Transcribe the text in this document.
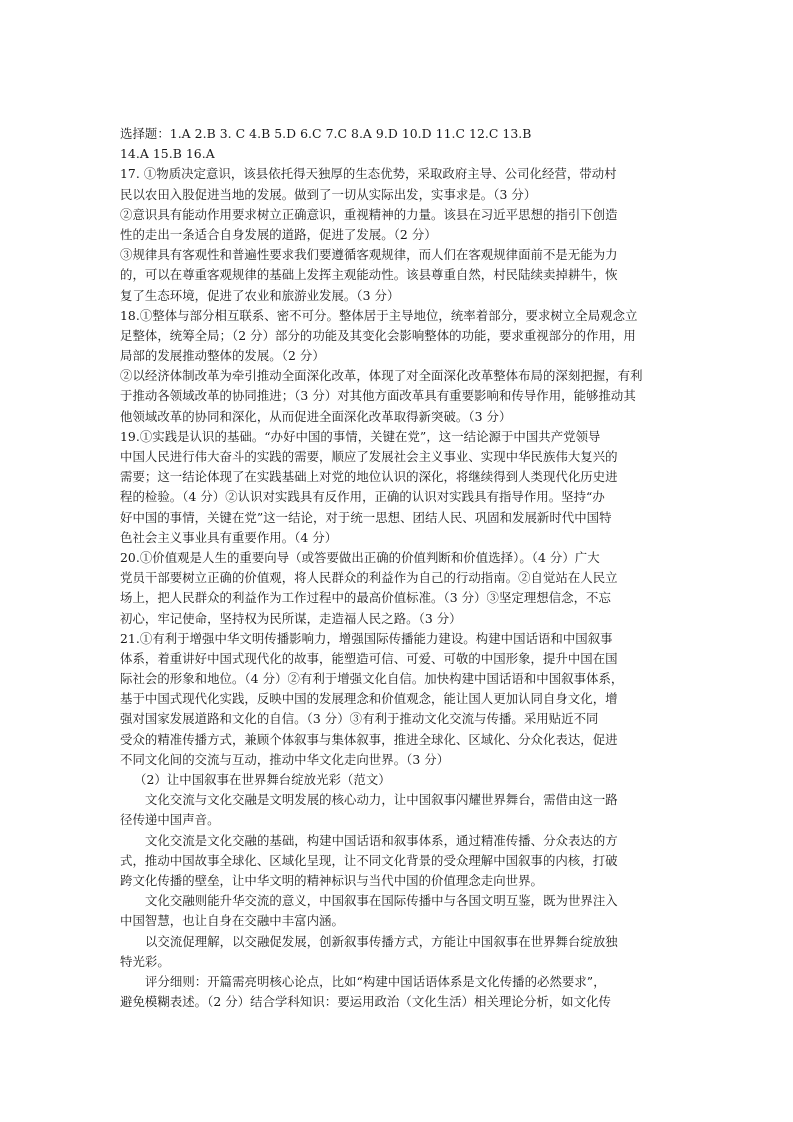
选择题：1.A 2.B 3. C 4.B 5.D 6.C 7.C 8.A 9.D 10.D 11.C 12.C 13.B
14.A 15.B 16.A
17. ①物质决定意识，该县依托得天独厚的生态优势，采取政府主导、公司化经营，带动村
民以农田入股促进当地的发展。做到了一切从实际出发，实事求是。（3 分）
②意识具有能动作用要求树立正确意识，重视精神的力量。该县在习近平思想的指引下创造
性的走出一条适合自身发展的道路，促进了发展。（2 分）
③规律具有客观性和普遍性要求我们要遵循客观规律，而人们在客观规律面前不是无能为力
的，可以在尊重客观规律的基础上发挥主观能动性。该县尊重自然，村民陆续卖掉耕牛，恢
复了生态环境，促进了农业和旅游业发展。（3 分）
18.①整体与部分相互联系、密不可分。整体居于主导地位，统率着部分，要求树立全局观念立
足整体，统筹全局；（2 分）部分的功能及其变化会影响整体的功能，要求重视部分的作用，用
局部的发展推动整体的发展。（2 分）
②以经济体制改革为牵引推动全面深化改革，体现了对全面深化改革整体布局的深刻把握，有利
于推动各领域改革的协同推进；（3 分）对其他方面改革具有重要影响和传导作用，能够推动其
他领域改革的协同和深化，从而促进全面深化改革取得新突破。（3 分）
19.①实践是认识的基础。“办好中国的事情，关键在党”，这一结论源于中国共产党领导
中国人民进行伟大奋斗的实践的需要，顺应了发展社会主义事业、实现中华民族伟大复兴的
需要；这一结论体现了在实践基础上对党的地位认识的深化，将继续得到人类现代化历史进
程的检验。（4 分）②认识对实践具有反作用，正确的认识对实践具有指导作用。坚持“办
好中国的事情，关键在党”这一结论，对于统一思想、团结人民、巩固和发展新时代中国特
色社会主义事业具有重要作用。（4 分）
20.①价值观是人生的重要向导（或答要做出正确的价值判断和价值选择）。（4 分）广大
党员干部要树立正确的价值观，将人民群众的利益作为自己的行动指南。②自觉站在人民立
场上，把人民群众的利益作为工作过程中的最高价值标准。（3 分）③坚定理想信念，不忘
初心，牢记使命，坚持权为民所谋，走造福人民之路。（3 分）
21.①有利于增强中华文明传播影响力，增强国际传播能力建设。构建中国话语和中国叙事
体系，着重讲好中国式现代化的故事，能塑造可信、可爱、可敬的中国形象，提升中国在国
际社会的形象和地位。（4 分）②有利于增强文化自信。加快构建中国话语和中国叙事体系，
基于中国式现代化实践，反映中国的发展理念和价值观念，能让国人更加认同自身文化，增
强对国家发展道路和文化的自信。（3 分）③有利于推动文化交流与传播。采用贴近不同
受众的精准传播方式，兼顾个体叙事与集体叙事，推进全球化、区域化、分众化表达，促进
不同文化间的交流与互动，推动中华文化走向世界。（3 分）
（2）让中国叙事在世界舞台绽放光彩（范文）
文化交流与文化交融是文明发展的核心动力，让中国叙事闪耀世界舞台，需借由这一路
径传递中国声音。
文化交流是文化交融的基础，构建中国话语和叙事体系，通过精准传播、分众表达的方
式，推动中国故事全球化、区域化呈现，让不同文化背景的受众理解中国叙事的内核，打破
跨文化传播的壁垒，让中华文明的精神标识与当代中国的价值理念走向世界。
文化交融则能升华交流的意义，中国叙事在国际传播中与各国文明互鉴，既为世界注入
中国智慧，也让自身在交融中丰富内涵。
以交流促理解，以交融促发展，创新叙事传播方式，方能让中国叙事在世界舞台绽放独
特光彩。
评分细则：开篇需亮明核心论点，比如“构建中国话语体系是文化传播的必然要求”，
避免模糊表述。（2 分）结合学科知识：要运用政治（文化生活）相关理论分析，如文化传
